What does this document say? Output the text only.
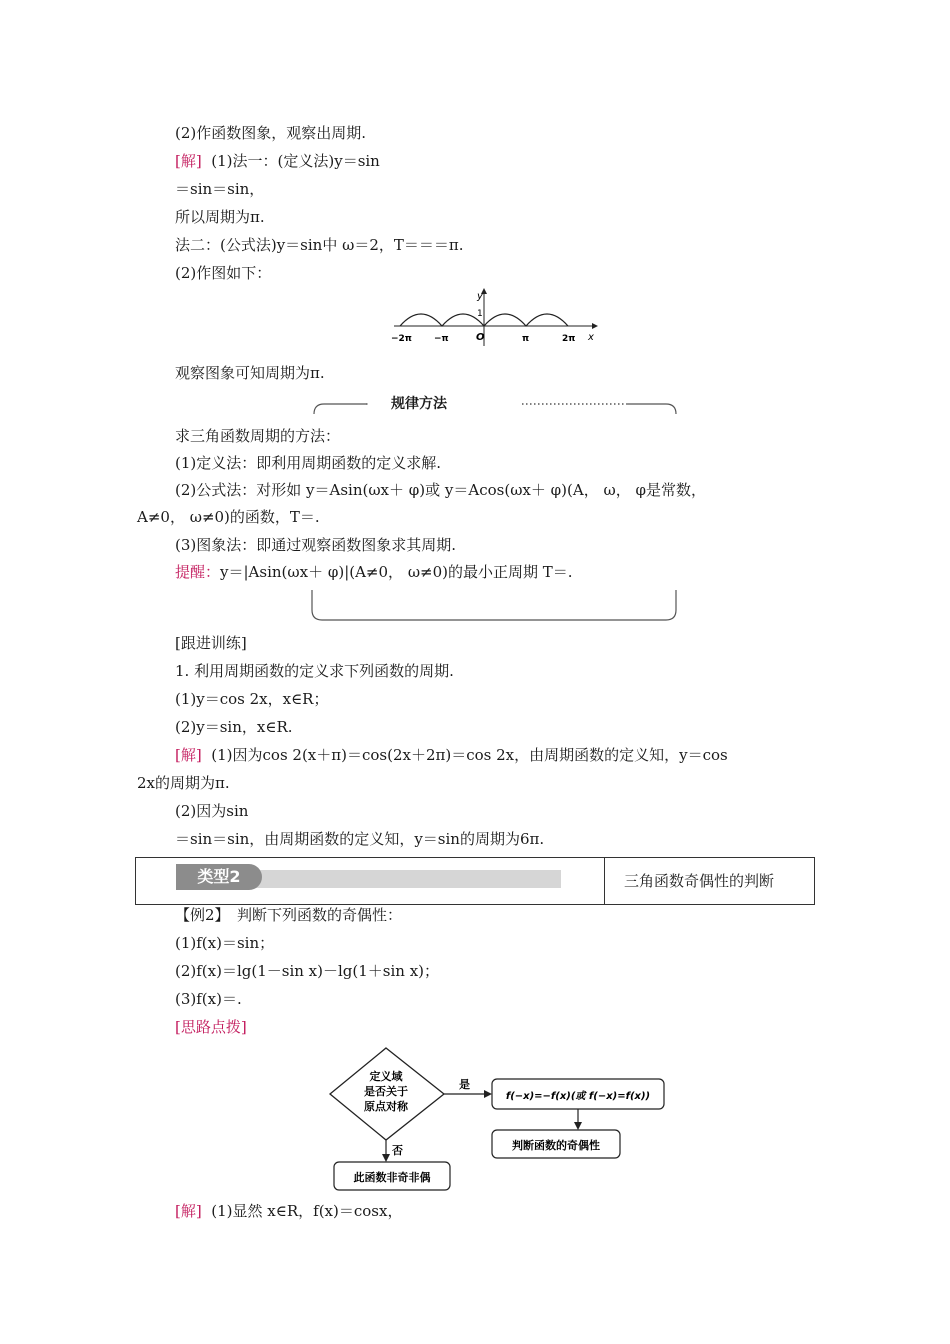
(2)作函数图象，观察出周期.
[解] (1)法一：(定义法)y＝sin
＝sin＝sin，
所以周期为π.
法二：(公式法)y＝sin中 ω＝2，T＝＝＝π.
(2)作图如下：
y
1
O	x
−2π −π	π	2π
观察图象可知周期为π.
规律方法
求三角函数周期的方法：
(1)定义法：即利用周期函数的定义求解.
(2)公式法：对形如 y＝Asin(ωx＋ φ)或 y＝Acos(ωx＋ φ)(A， ω， φ是常数，
A≠0， ω≠0)的函数，T＝.
(3)图象法：即通过观察函数图象求其周期.
提醒：y＝|Asin(ωx＋ φ)|(A≠0， ω≠0)的最小正周期 T＝.
[跟进训练]
1. 利用周期函数的定义求下列函数的周期.
(1)y＝cos 2x，x∈R；
(2)y＝sin，x∈R.
[解] (1)因为cos 2(x＋π)＝cos(2x＋2π)＝cos 2x，由周期函数的定义知，y＝cos
2x的周期为π.
(2)因为sin
＝sin＝sin，由周期函数的定义知，y＝sin的周期为6π.
类型2	三角函数奇偶性的判断
【例2】　判断下列函数的奇偶性：
(1)f(x)＝sin；
(2)f(x)＝lg(1－sin x)－lg(1＋sin x)；
(3)f(x)＝.
[思路点拨]
定义域
是否关于
原点对称
是
f(−x)=−f(x)(或 f(−x)=f(x))
判断函数的奇偶性
否
此函数非奇非偶
[解] (1)显然 x∈R，f(x)＝cosx，
